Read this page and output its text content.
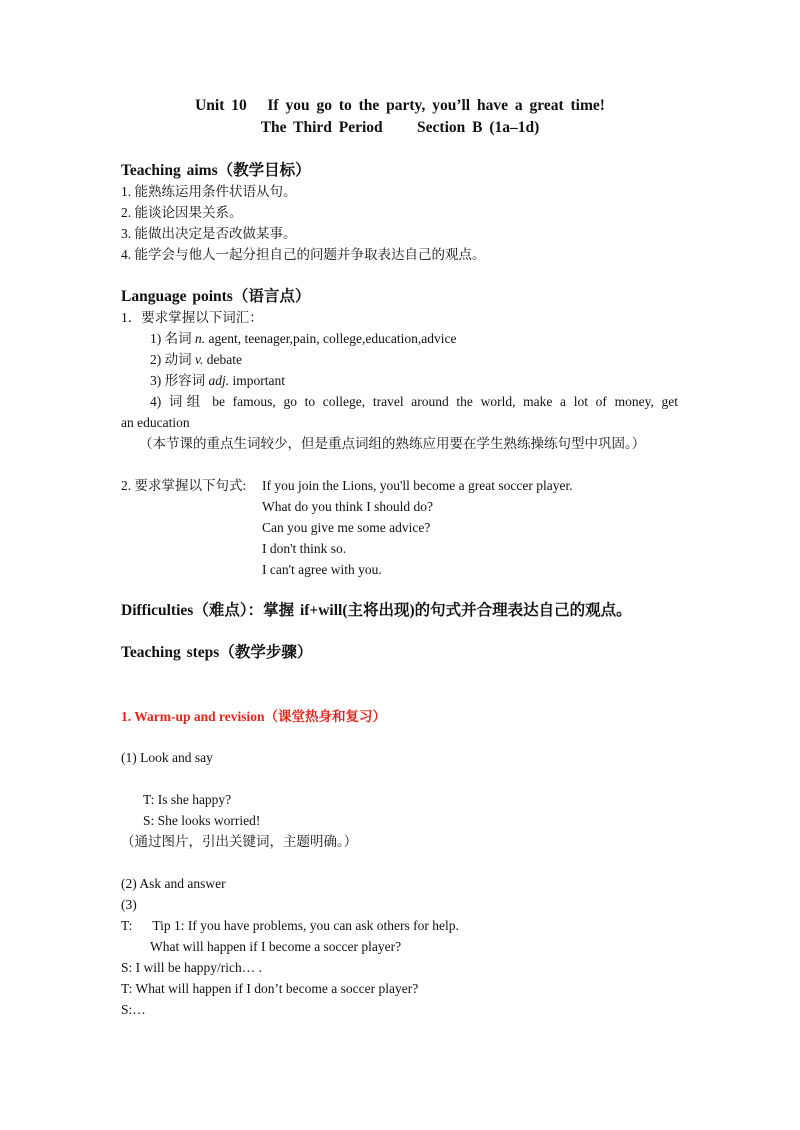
Unit 10   If you go to the party, you’ll have a great time!
The Third Period     Section B (1a–1d)
Teaching aims（教学目标）
1. 能熟练运用条件状语从句。
2. 能谈论因果关系。
3. 能做出决定是否改做某事。
4. 能学会与他人一起分担自己的问题并争取表达自己的观点。
Language points（语言点）
1．要求掌握以下词汇：
1) 名词 n. agent, teenager,pain, college,education,advice
2) 动词 v. debate
3) 形容词 adj. important
4) 词组 be famous, go to college, travel around the world, make a lot of money, get
an education
（本节课的重点生词较少，但是重点词组的熟练应用要在学生熟练操练句型中巩固。）
2. 要求掌握以下句式: If you join the Lions, you'll become a great soccer player.
What do you think I should do?
Can you give me some advice?
I don't think so.
I can't agree with you.
Difficulties（难点）：掌握 if+will(主将出现)的句式并合理表达自己的观点。
Teaching steps（教学步骤）
1. Warm-up and revision（课堂热身和复习）
(1) Look and say
T: Is she happy?
S: She looks worried!
（通过图片，引出关键词，主题明确。）
(2) Ask and answer
(3)
T:      Tip 1: If you have problems, you can ask others for help.
What will happen if I become a soccer player?
S: I will be happy/rich… .
T: What will happen if I don’t become a soccer player?
S:…
